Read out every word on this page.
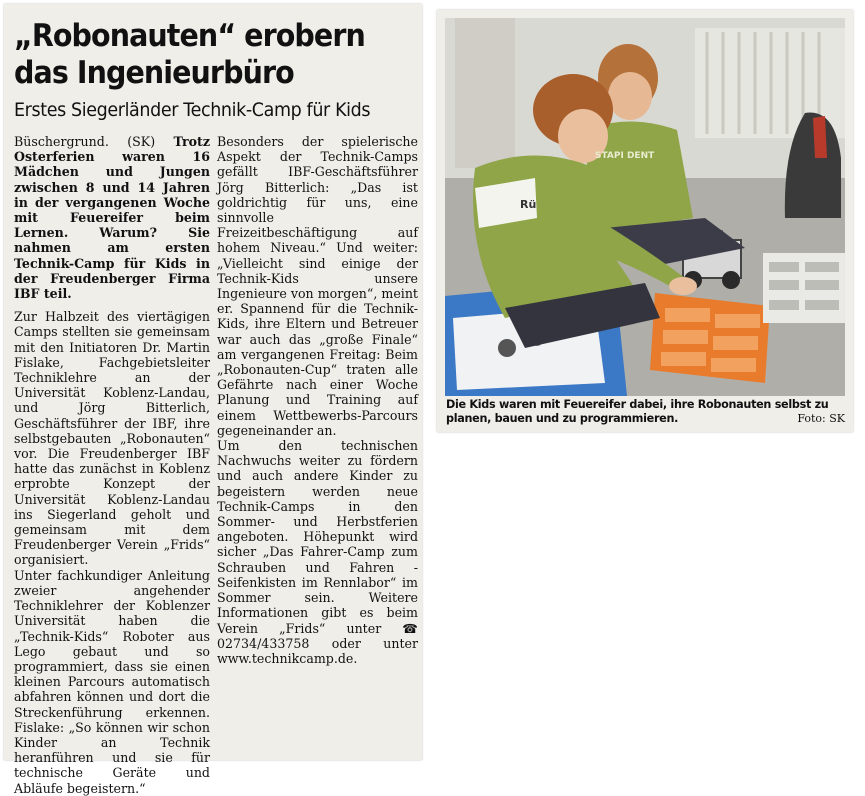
„Robonauten“ erobern
das Ingenieurbüro
Erstes Siegerländer Technik-Camp für Kids

Büschergrund. (SK) Trotz Osterferien waren 16 Mädchen und Jungen zwischen 8 und 14 Jahren in der vergangenen Woche mit Feuereifer beim Lernen. Warum? Sie nahmen am ersten Technik-Camp für Kids in der Freudenberger Firma IBF teil.

Zur Halbzeit des viertägigen Camps stellten sie gemeinsam mit den Initiatoren Dr. Martin Fislake, Fachgebietsleiter Techniklehre an der Universität Koblenz-Landau, und Jörg Bitterlich, Geschäftsführer der IBF, ihre selbstgebauten „Robonauten“ vor. Die Freudenberger IBF hatte das zunächst in Koblenz erprobte Konzept der Universität Koblenz-Landau ins Siegerland geholt und gemeinsam mit dem Freudenberger Verein „Frids“ organisiert.

Unter fachkundiger Anleitung zweier angehender Techniklehrer der Koblenzer Universität haben die „Technik-Kids“ Roboter aus Lego gebaut und so programmiert, dass sie einen kleinen Parcours automatisch abfahren können und dort die Streckenführung erkennen. Fislake: „So können wir schon Kinder an Technik heranführen und sie für technische Geräte und Abläufe begeistern.“

Besonders der spielerische Aspekt der Technik-Camps gefällt IBF-Geschäftsführer Jörg Bitterlich: „Das ist goldrichtig für uns, eine sinnvolle Freizeitbeschäftigung auf hohem Niveau.“ Und weiter: „Vielleicht sind einige der Technik-Kids unsere Ingenieure von morgen“, meint er. Spannend für die Technik-Kids, ihre Eltern und Betreuer war auch das „große Finale“ am vergangenen Freitag: Beim „Robonauten-Cup“ traten alle Gefährte nach einer Woche Planung und Training auf einem Wettbewerbs-Parcours gegeneinander an.

Um den technischen Nachwuchs weiter zu fördern und auch andere Kinder zu begeistern werden neue Technik-Camps in den Sommer- und Herbstferien angeboten. Höhepunkt wird sicher „Das Fahrer-Camp zum Schrauben und Fahren - Seifenkisten im Rennlabor“ im Sommer sein. Weitere Informationen gibt es beim Verein „Frids“ unter ☎ 02734/433758 oder unter www.technikcamp.de.

Rü
STAPI DENT
Die Kids waren mit Feuereifer dabei, ihre Robonauten selbst zu planen, bauen und zu programmieren.	Foto: SK
